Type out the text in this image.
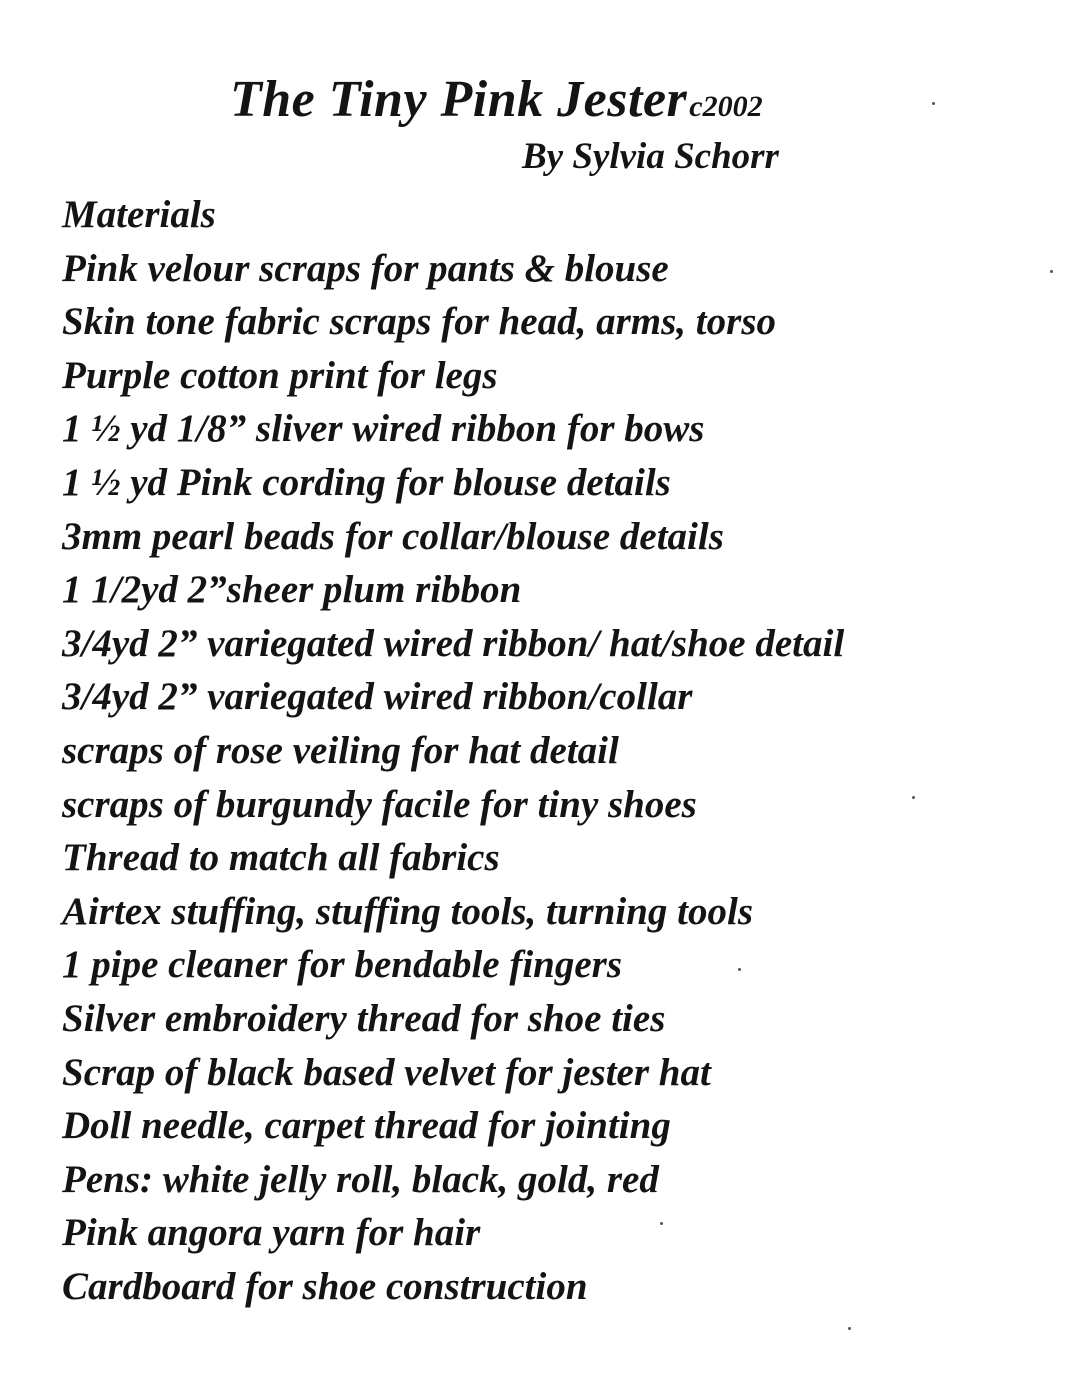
The Tiny Pink Jesterc2002
By Sylvia Schorr
Materials
Pink velour scraps for pants & blouse
Skin tone fabric scraps for head, arms, torso
Purple cotton print for legs
1 ½ yd 1/8” sliver wired ribbon for bows
1 ½ yd Pink cording for blouse details
3mm pearl beads for collar/blouse details
1 1/2yd 2”sheer plum ribbon
3/4yd 2” variegated wired ribbon/ hat/shoe detail
3/4yd 2” variegated wired ribbon/collar
scraps of rose veiling for hat detail
scraps of burgundy facile for tiny shoes
Thread to match all fabrics
Airtex stuffing, stuffing tools, turning tools
1 pipe cleaner for bendable fingers
Silver embroidery thread for shoe ties
Scrap of black based velvet for jester hat
Doll needle, carpet thread for jointing
Pens: white jelly roll, black, gold, red
Pink angora yarn for hair
Cardboard for shoe construction
